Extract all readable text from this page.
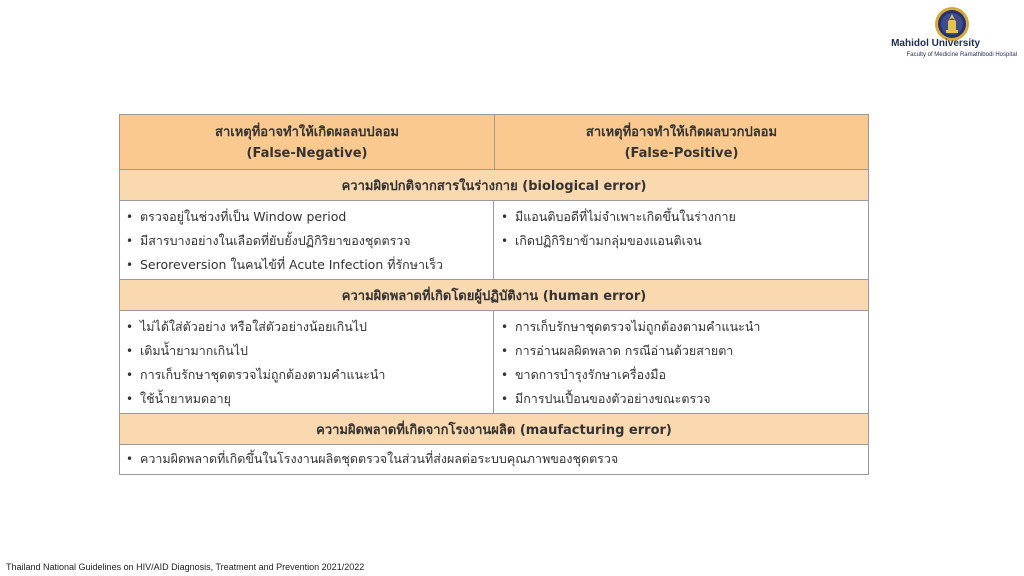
Mahidol University
Faculty of Medicine Ramathibodi Hospital
สาเหตุที่อาจทำให้เกิดผลลบปลอม
(False-Negative)
สาเหตุที่อาจทำให้เกิดผลบวกปลอม
(False-Positive)
ความผิดปกติจากสารในร่างกาย (biological error)
• ตรวจอยู่ในช่วงที่เป็น Window period
• มีสารบางอย่างในเลือดที่ยับยั้งปฏิกิริยาของชุดตรวจ
• Seroreversion ในคนไข้ที่ Acute Infection ที่รักษาเร็ว
• มีแอนติบอดีที่ไม่จำเพาะเกิดขึ้นในร่างกาย
• เกิดปฏิกิริยาข้ามกลุ่มของแอนติเจน
ความผิดพลาดที่เกิดโดยผู้ปฏิบัติงาน (human error)
• ไม่ได้ใส่ตัวอย่าง หรือใส่ตัวอย่างน้อยเกินไป
• เติมน้ำยามากเกินไป
• การเก็บรักษาชุดตรวจไม่ถูกต้องตามคำแนะนำ
• ใช้น้ำยาหมดอายุ
• การเก็บรักษาชุดตรวจไม่ถูกต้องตามคำแนะนำ
• การอ่านผลผิดพลาด กรณีอ่านด้วยสายตา
• ขาดการบำรุงรักษาเครื่องมือ
• มีการปนเปื้อนของตัวอย่างขณะตรวจ
ความผิดพลาดที่เกิดจากโรงงานผลิต (maufacturing error)
• ความผิดพลาดที่เกิดขึ้นในโรงงานผลิตชุดตรวจในส่วนที่ส่งผลต่อระบบคุณภาพของชุดตรวจ
Thailand National Guidelines on HIV/AID Diagnosis, Treatment and Prevention 2021/2022
